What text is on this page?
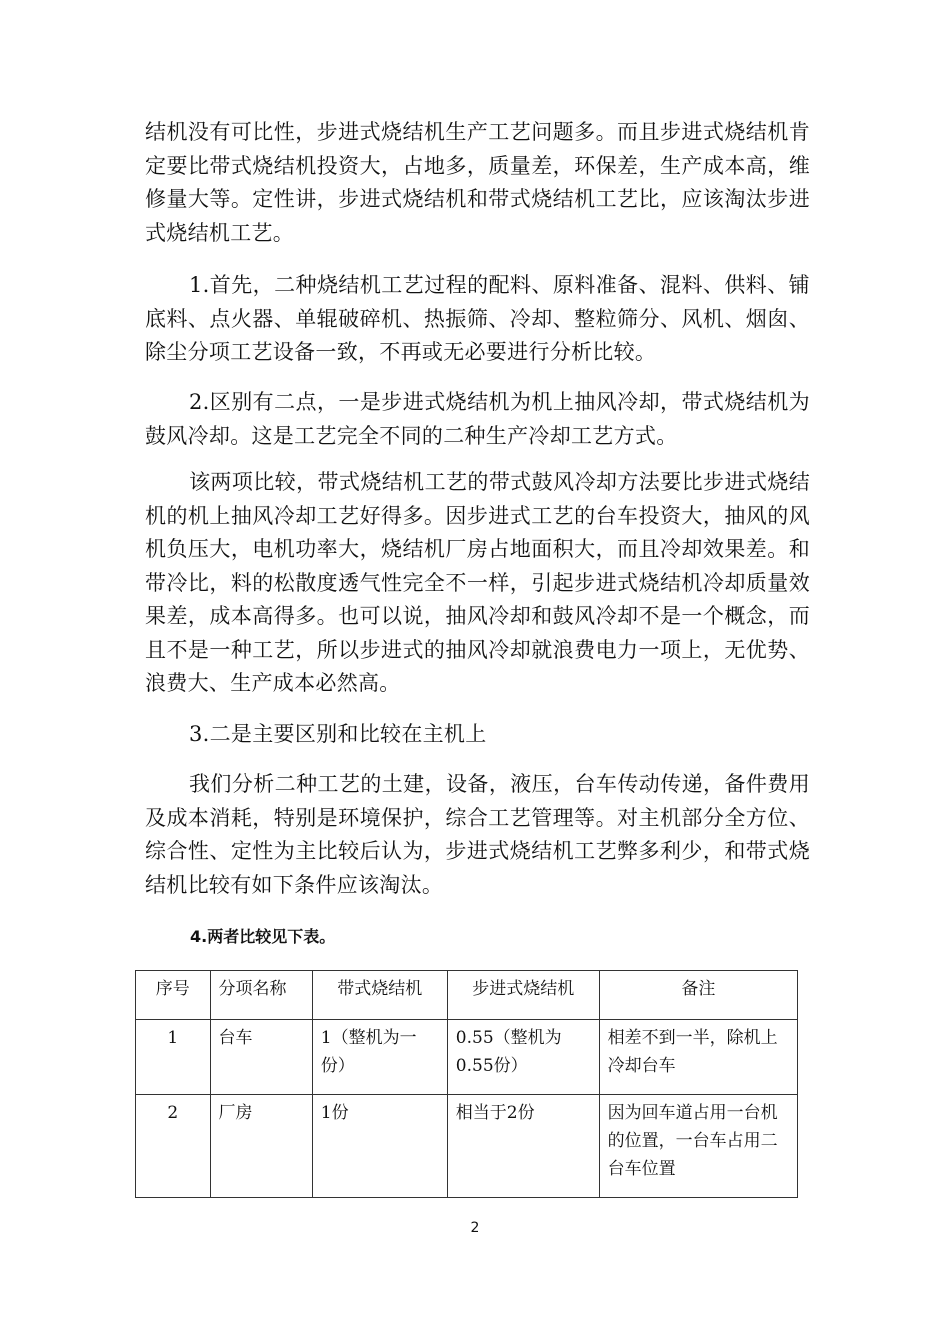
结机没有可比性，步进式烧结机生产工艺问题多。而且步进式烧结机肯定要比带式烧结机投资大，占地多，质量差，环保差，生产成本高，维修量大等。定性讲，步进式烧结机和带式烧结机工艺比，应该淘汰步进式烧结机工艺。

1.首先，二种烧结机工艺过程的配料、原料准备、混料、供料、铺底料、点火器、单辊破碎机、热振筛、冷却、整粒筛分、风机、烟囱、除尘分项工艺设备一致，不再或无必要进行分析比较。

2.区别有二点，一是步进式烧结机为机上抽风冷却，带式烧结机为鼓风冷却。这是工艺完全不同的二种生产冷却工艺方式。

该两项比较，带式烧结机工艺的带式鼓风冷却方法要比步进式烧结机的机上抽风冷却工艺好得多。因步进式工艺的台车投资大，抽风的风机负压大，电机功率大，烧结机厂房占地面积大，而且冷却效果差。和带冷比，料的松散度透气性完全不一样，引起步进式烧结机冷却质量效果差，成本高得多。也可以说，抽风冷却和鼓风冷却不是一个概念，而且不是一种工艺，所以步进式的抽风冷却就浪费电力一项上，无优势、浪费大、生产成本必然高。

3.二是主要区别和比较在主机上

我们分析二种工艺的土建，设备，液压，台车传动传递，备件费用及成本消耗，特别是环境保护，综合工艺管理等。对主机部分全方位、综合性、定性为主比较后认为，步进式烧结机工艺弊多利少，和带式烧结机比较有如下条件应该淘汰。

4.两者比较见下表。

序号	分项名称	带式烧结机	步进式烧结机	备注
1	台车	1（整机为一份）	0.55（整机为0.55份）	相差不到一半，除机上冷却台车
2	厂房	1份	相当于2份	因为回车道占用一台机的位置，一台车占用二台车位置
2
